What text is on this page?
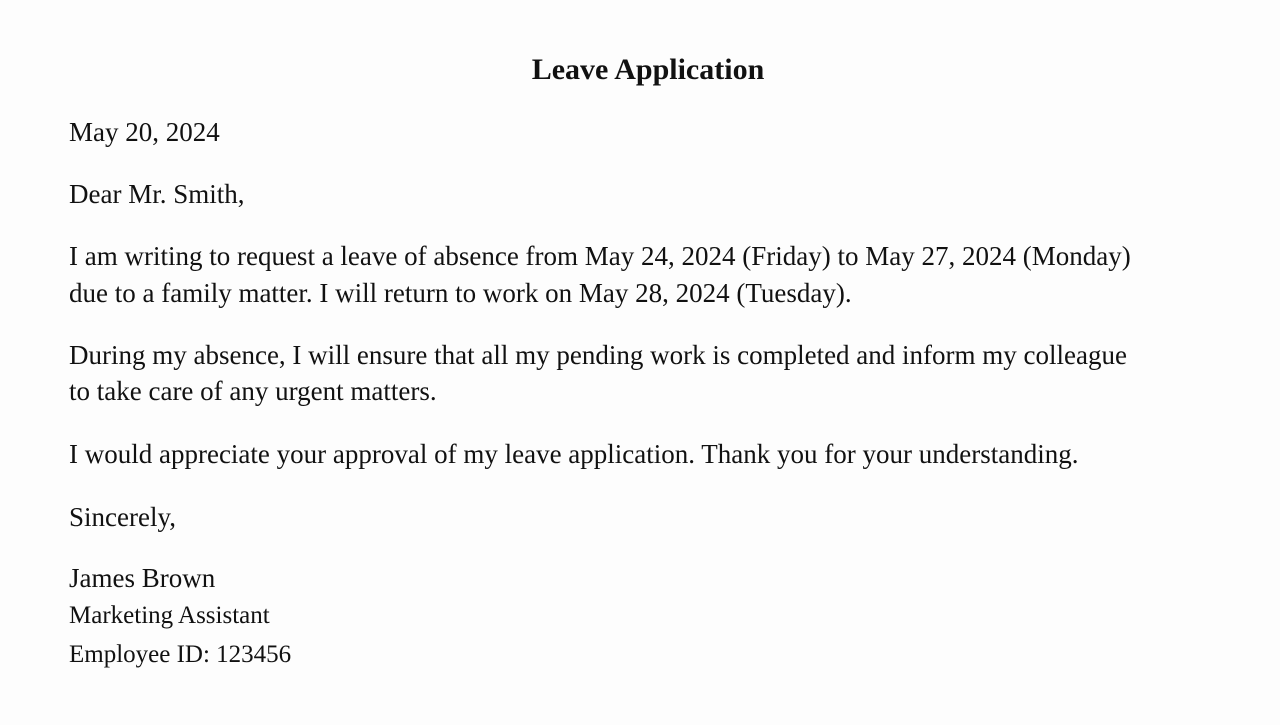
Leave Application
May 20, 2024
Dear Mr. Smith,
I am writing to request a leave of absence from May 24, 2024 (Friday) to May 27, 2024 (Monday)
due to a family matter. I will return to work on May 28, 2024 (Tuesday).
During my absence, I will ensure that all my pending work is completed and inform my colleague
to take care of any urgent matters.
I would appreciate your approval of my leave application. Thank you for your understanding.
Sincerely,
James Brown
Marketing Assistant
Employee ID: 123456
